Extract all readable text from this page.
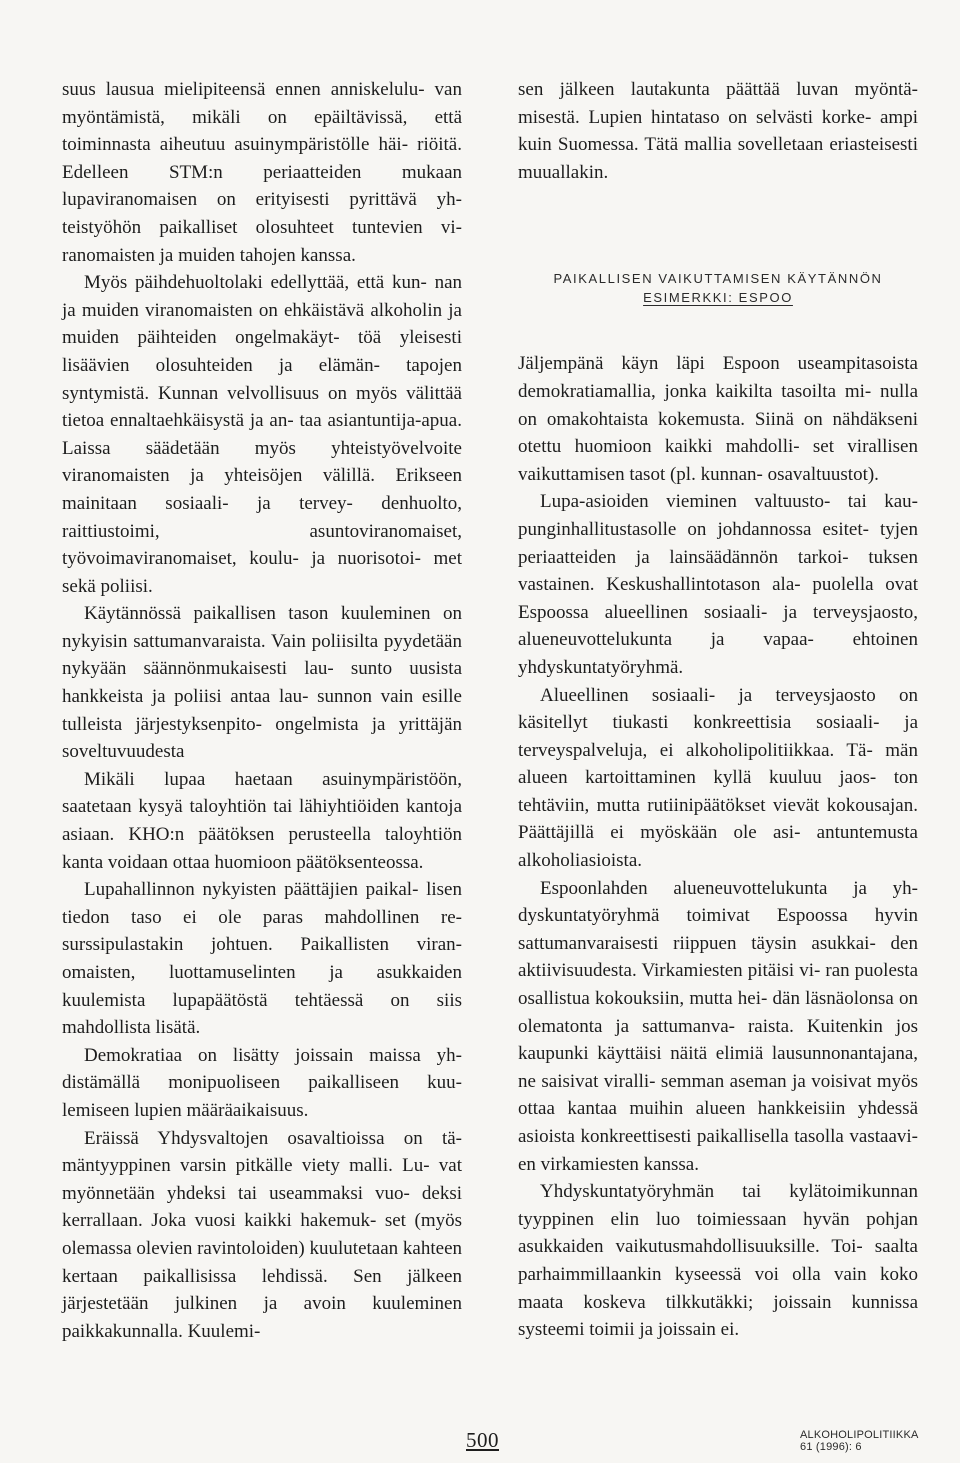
suus lausua mielipiteensä ennen anniskelulu- van myöntämistä, mikäli on epäiltävissä, että toiminnasta aiheutuu asuinympäristölle häi- riöitä. Edelleen STM:n periaatteiden mukaan lupaviranomaisen on erityisesti pyrittävä yh- teistyöhön paikalliset olosuhteet tuntevien vi- ranomaisten ja muiden tahojen kanssa.

Myös päihdehuoltolaki edellyttää, että kun- nan ja muiden viranomaisten on ehkäistävä alkoholin ja muiden päihteiden ongelmakäyt- töä yleisesti lisäävien olosuhteiden ja elämän- tapojen syntymistä. Kunnan velvollisuus on myös välittää tietoa ennaltaehkäisystä ja an- taa asiantuntija-apua. Laissa säädetään myös yhteistyövelvoite viranomaisten ja yhteisöjen välillä. Erikseen mainitaan sosiaali- ja tervey- denhuolto, raittiustoimi, asuntoviranomaiset, työvoimaviranomaiset, koulu- ja nuorisotoi- met sekä poliisi.

Käytännössä paikallisen tason kuuleminen on nykyisin sattumanvaraista. Vain poliisilta pyydetään nykyään säännönmukaisesti lau- sunto uusista hankkeista ja poliisi antaa lau- sunnon vain esille tulleista järjestyksenpito- ongelmista ja yrittäjän soveltuvuudesta

Mikäli lupaa haetaan asuinympäristöön, saatetaan kysyä taloyhtiön tai lähiyhtiöiden kantoja asiaan. KHO:n päätöksen perusteella taloyhtiön kanta voidaan ottaa huomioon päätöksenteossa.

Lupahallinnon nykyisten päättäjien paikal- lisen tiedon taso ei ole paras mahdollinen re- surssipulastakin johtuen. Paikallisten viran- omaisten, luottamuselinten ja asukkaiden kuulemista lupapäätöstä tehtäessä on siis mahdollista lisätä.

Demokratiaa on lisätty joissain maissa yh- distämällä monipuoliseen paikalliseen kuu- lemiseen lupien määräaikaisuus.

Eräissä Yhdysvaltojen osavaltioissa on tä- mäntyyppinen varsin pitkälle viety malli. Lu- vat myönnetään yhdeksi tai useammaksi vuo- deksi kerrallaan. Joka vuosi kaikki hakemuk- set (myös olemassa olevien ravintoloiden) kuulutetaan kahteen kertaan paikallisissa lehdissä. Sen jälkeen järjestetään julkinen ja avoin kuuleminen paikkakunnalla. Kuulemi-

sen jälkeen lautakunta päättää luvan myöntä- misestä. Lupien hintataso on selvästi korke- ampi kuin Suomessa. Tätä mallia sovelletaan eriasteisesti muuallakin.

PAIKALLISEN VAIKUTTAMISEN KÄYTÄNNÖN
ESIMERKKI: ESPOO

Jäljempänä käyn läpi Espoon useampitasoista demokratiamallia, jonka kaikilta tasoilta mi- nulla on omakohtaista kokemusta. Siinä on nähdäkseni otettu huomioon kaikki mahdolli- set virallisen vaikuttamisen tasot (pl. kunnan- osavaltuustot).

Lupa-asioiden vieminen valtuusto- tai kau- punginhallitustasolle on johdannossa esitet- tyjen periaatteiden ja lainsäädännön tarkoi- tuksen vastainen. Keskushallintotason ala- puolella ovat Espoossa alueellinen sosiaali- ja terveysjaosto, alueneuvottelukunta ja vapaa- ehtoinen yhdyskuntatyöryhmä.

Alueellinen sosiaali- ja terveysjaosto on käsitellyt tiukasti konkreettisia sosiaali- ja terveyspalveluja, ei alkoholipolitiikkaa. Tä- män alueen kartoittaminen kyllä kuuluu jaos- ton tehtäviin, mutta rutiinipäätökset vievät kokousajan. Päättäjillä ei myöskään ole asi- antuntemusta alkoholiasioista.

Espoonlahden alueneuvottelukunta ja yh- dyskuntatyöryhmä toimivat Espoossa hyvin sattumanvaraisesti riippuen täysin asukkai- den aktiivisuudesta. Virkamiesten pitäisi vi- ran puolesta osallistua kokouksiin, mutta hei- dän läsnäolonsa on olematonta ja sattumanva- raista. Kuitenkin jos kaupunki käyttäisi näitä elimiä lausunnonantajana, ne saisivat viralli- semman aseman ja voisivat myös ottaa kantaa muihin alueen hankkeisiin yhdessä asioista konkreettisesti paikallisella tasolla vastaavi- en virkamiesten kanssa.

Yhdyskuntatyöryhmän tai kylätoimikunnan tyyppinen elin luo toimiessaan hyvän pohjan asukkaiden vaikutusmahdollisuuksille. Toi- saalta parhaimmillaankin kyseessä voi olla vain koko maata koskeva tilkkutäkki; joissain kunnissa systeemi toimii ja joissain ei.

500	ALKOHOLIPOLITIIKKA
61 (1996): 6
